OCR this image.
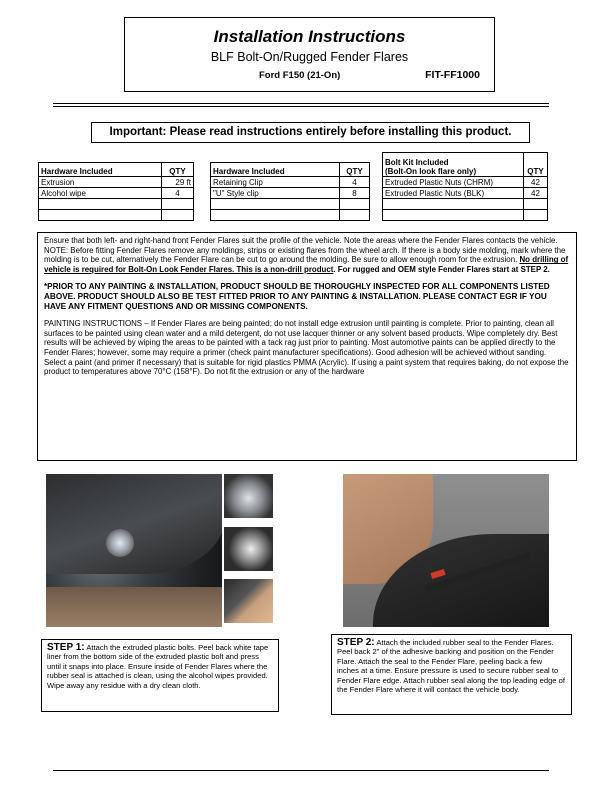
Installation Instructions
BLF Bolt-On/Rugged Fender Flares
Ford F150 (21-On)	FIT-FF1000
Important: Please read instructions entirely before installing this product.
Hardware Included	QTY
Extrusion	29 ft
Alcohol wipe	4

Hardware Included	QTY
Retaining Clip	4
"U" Style clip	8

Bolt Kit Included
(Bolt-On look flare only)	QTY
Extruded Plastic Nuts (CHRM)	42
Extruded Plastic Nuts (BLK)	42

Ensure that both left- and right-hand front Fender Flares suit the profile of the vehicle. Note the areas where the Fender Flares contacts the vehicle. NOTE: Before fitting Fender Flares remove any moldings, strips or existing flares from the wheel arch. If there is a body side molding, mark where the molding is to be cut, alternatively the Fender Flare can be cut to go around the molding. Be sure to allow enough room for the extrusion. No drilling of vehicle is required for Bolt-On Look Fender Flares. This is a non-drill product. For rugged and OEM style Fender Flares start at STEP 2.

*PRIOR TO ANY PAINTING & INSTALLATION, PRODUCT SHOULD BE THOROUGHLY INSPECTED FOR ALL COMPONENTS LISTED ABOVE. PRODUCT SHOULD ALSO BE TEST FITTED PRIOR TO ANY PAINTING & INSTALLATION. PLEASE CONTACT EGR IF YOU HAVE ANY FITMENT QUESTIONS AND OR MISSING COMPONENTS.

PAINTING INSTRUCTIONS – If Fender Flares are being painted; do not install edge extrusion until painting is complete. Prior to painting, clean all surfaces to be painted using clean water and a mild detergent, do not use lacquer thinner or any solvent based products. Wipe completely dry. Best results will be achieved by wiping the areas to be painted with a tack rag just prior to painting. Most automotive paints can be applied directly to the Fender Flares; however, some may require a primer (check paint manufacturer specifications). Good adhesion will be achieved without sanding. Select a paint (and primer if necessary) that is suitable for rigid plastics PMMA (Acrylic). If using a paint system that requires baking, do not expose the product to temperatures above 70°C (158°F). Do not fit the extrusion or any of the hardware

STEP 1: Attach the extruded plastic bolts. Peel back white tape liner from the bottom side of the extruded plastic bolt and press until it snaps into place. Ensure inside of Fender Flares where the rubber seal is attached is clean, using the alcohol wipes provided. Wipe away any residue with a dry clean cloth.
STEP 2: Attach the included rubber seal to the Fender Flares. Peel back 2" of the adhesive backing and position on the Fender Flare. Attach the seal to the Fender Flare, peeling back a few inches at a time. Ensure pressure is used to secure rubber seal to Fender Flare edge. Attach rubber seal along the top leading edge of the Fender Flare where it will contact the vehicle body.
